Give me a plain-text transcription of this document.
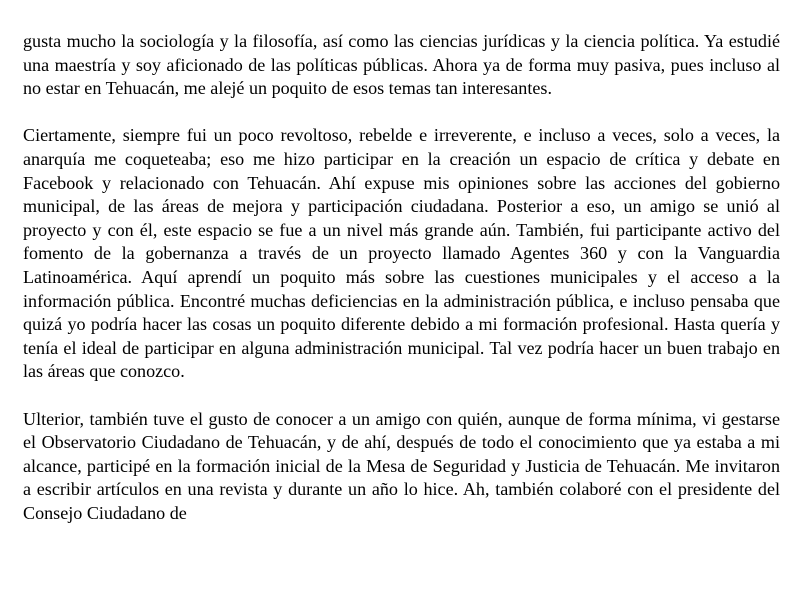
gusta mucho la sociología y la filosofía, así como las ciencias jurídicas y la ciencia política. Ya estudié una maestría y soy aficionado de las políticas públicas. Ahora ya de forma muy pasiva, pues incluso al no estar en Tehuacán, me alejé un poquito de esos temas tan interesantes.

Ciertamente, siempre fui un poco revoltoso, rebelde e irreverente, e incluso a veces, solo a veces, la anarquía me coqueteaba; eso me hizo participar en la creación un espacio de crítica y debate en Facebook y relacionado con Tehuacán. Ahí expuse mis opiniones sobre las acciones del gobierno municipal, de las áreas de mejora y participación ciudadana. Posterior a eso, un amigo se unió al proyecto y con él, este espacio se fue a un nivel más grande aún. También, fui participante activo del fomento de la gobernanza a través de un proyecto llamado Agentes 360 y con la Vanguardia Latinoamérica. Aquí aprendí un poquito más sobre las cuestiones municipales y el acceso a la información pública. Encontré muchas deficiencias en la administración pública, e incluso pensaba que quizá yo podría hacer las cosas un poquito diferente debido a mi formación profesional. Hasta quería y tenía el ideal de participar en alguna administración municipal. Tal vez podría hacer un buen trabajo en las áreas que conozco.

Ulterior, también tuve el gusto de conocer a un amigo con quién, aunque de forma mínima, vi gestarse el Observatorio Ciudadano de Tehuacán, y de ahí, después de todo el conocimiento que ya estaba a mi alcance, participé en la formación inicial de la Mesa de Seguridad y Justicia de Tehuacán. Me invitaron a escribir artículos en una revista y durante un año lo hice. Ah, también colaboré con el presidente del Consejo Ciudadano de
